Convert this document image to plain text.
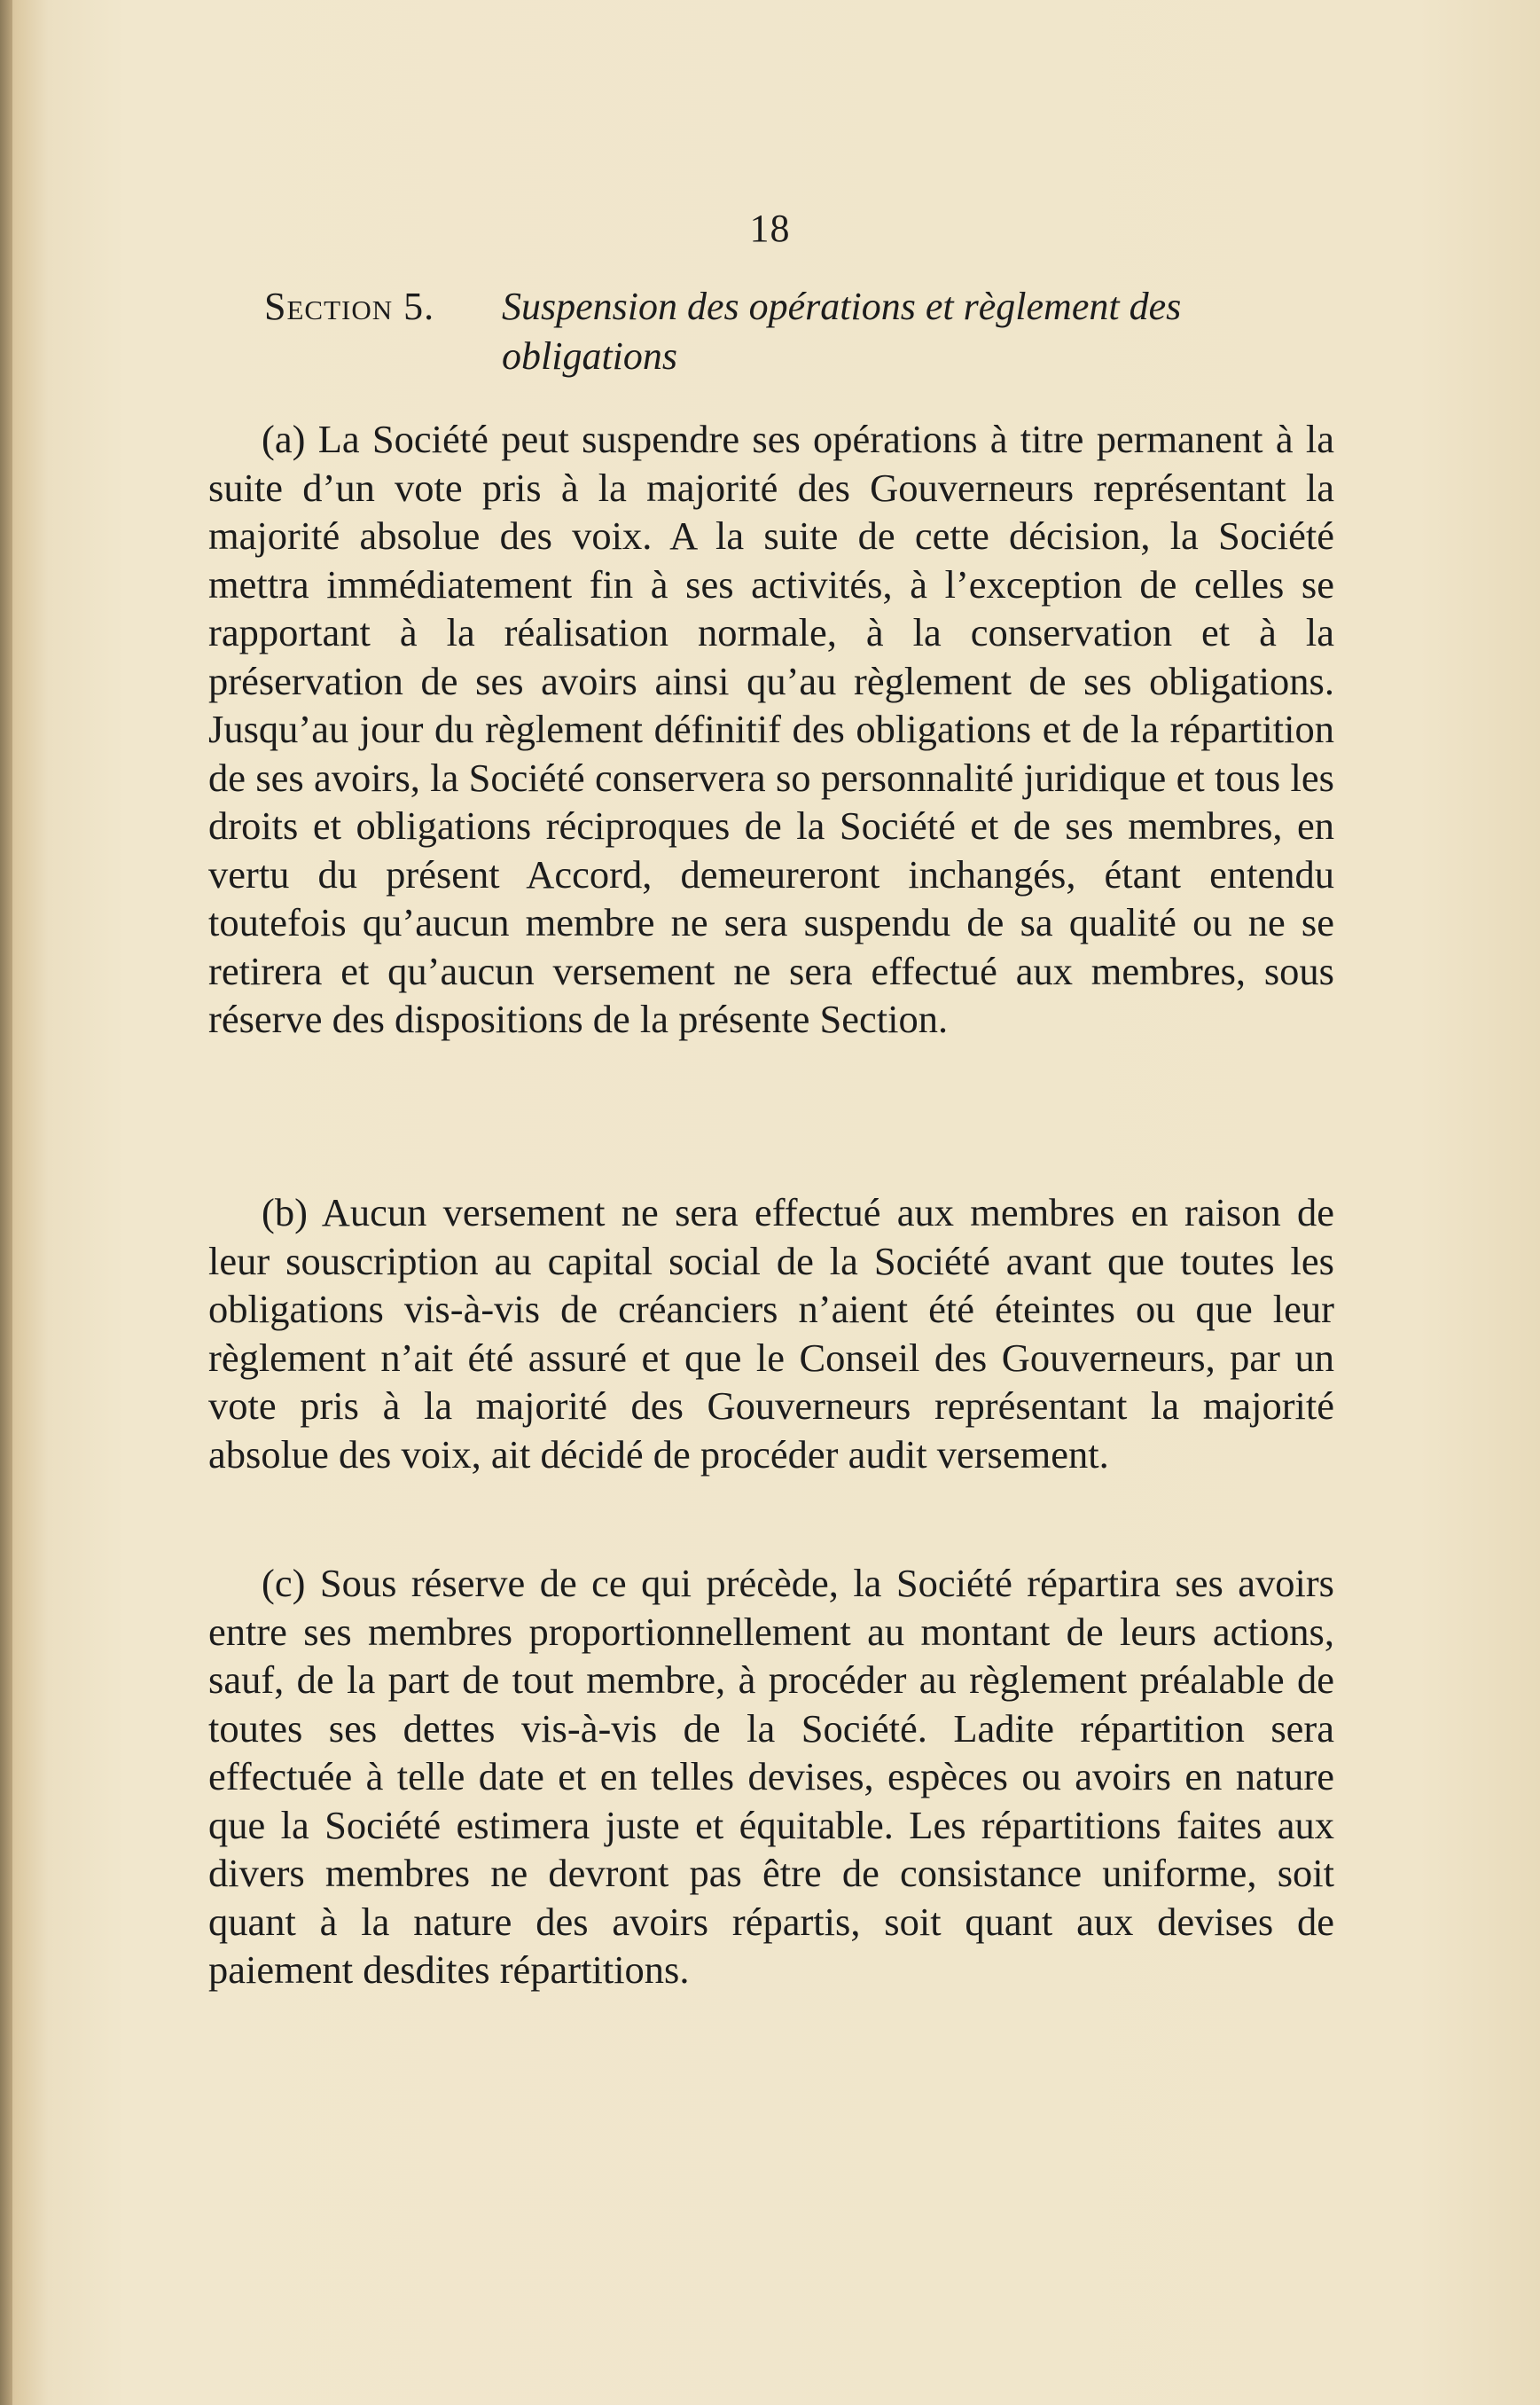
18
Section 5. Suspension des opérations et règlement des obligations

(a) La Société peut suspendre ses opérations à titre permanent à la suite d’un vote pris à la majorité des Gouverneurs représentant la majorité absolue des voix. A la suite de cette décision, la Société mettra immédiatement fin à ses activités, à l’exception de celles se rapportant à la réalisation normale, à la conservation et à la préservation de ses avoirs ainsi qu’au règlement de ses obligations. Jusqu’au jour du règlement définitif des obligations et de la répartition de ses avoirs, la Société conservera so personnalité juridique et tous les droits et obligations réciproques de la Société et de ses membres, en vertu du présent Accord, demeureront inchangés, étant entendu toutefois qu’aucun membre ne sera suspendu de sa qualité ou ne se retirera et qu’aucun versement ne sera effectué aux membres, sous réserve des dispositions de la présente Section.

(b) Aucun versement ne sera effectué aux membres en raison de leur souscription au capital social de la Société avant que toutes les obligations vis-à-vis de créanciers n’aient été éteintes ou que leur règlement n’ait été assuré et que le Conseil des Gouverneurs, par un vote pris à la majorité des Gouverneurs représentant la majorité absolue des voix, ait décidé de procéder audit versement.

(c) Sous réserve de ce qui précède, la Société répartira ses avoirs entre ses membres proportionnellement au montant de leurs actions, sauf, de la part de tout membre, à procéder au règlement préalable de toutes ses dettes vis-à-vis de la Société. Ladite répartition sera effectuée à telle date et en telles devises, espèces ou avoirs en nature que la Société estimera juste et équitable. Les répartitions faites aux divers membres ne devront pas être de consistance uniforme, soit quant à la nature des avoirs répartis, soit quant aux devises de paiement desdites répartitions.
